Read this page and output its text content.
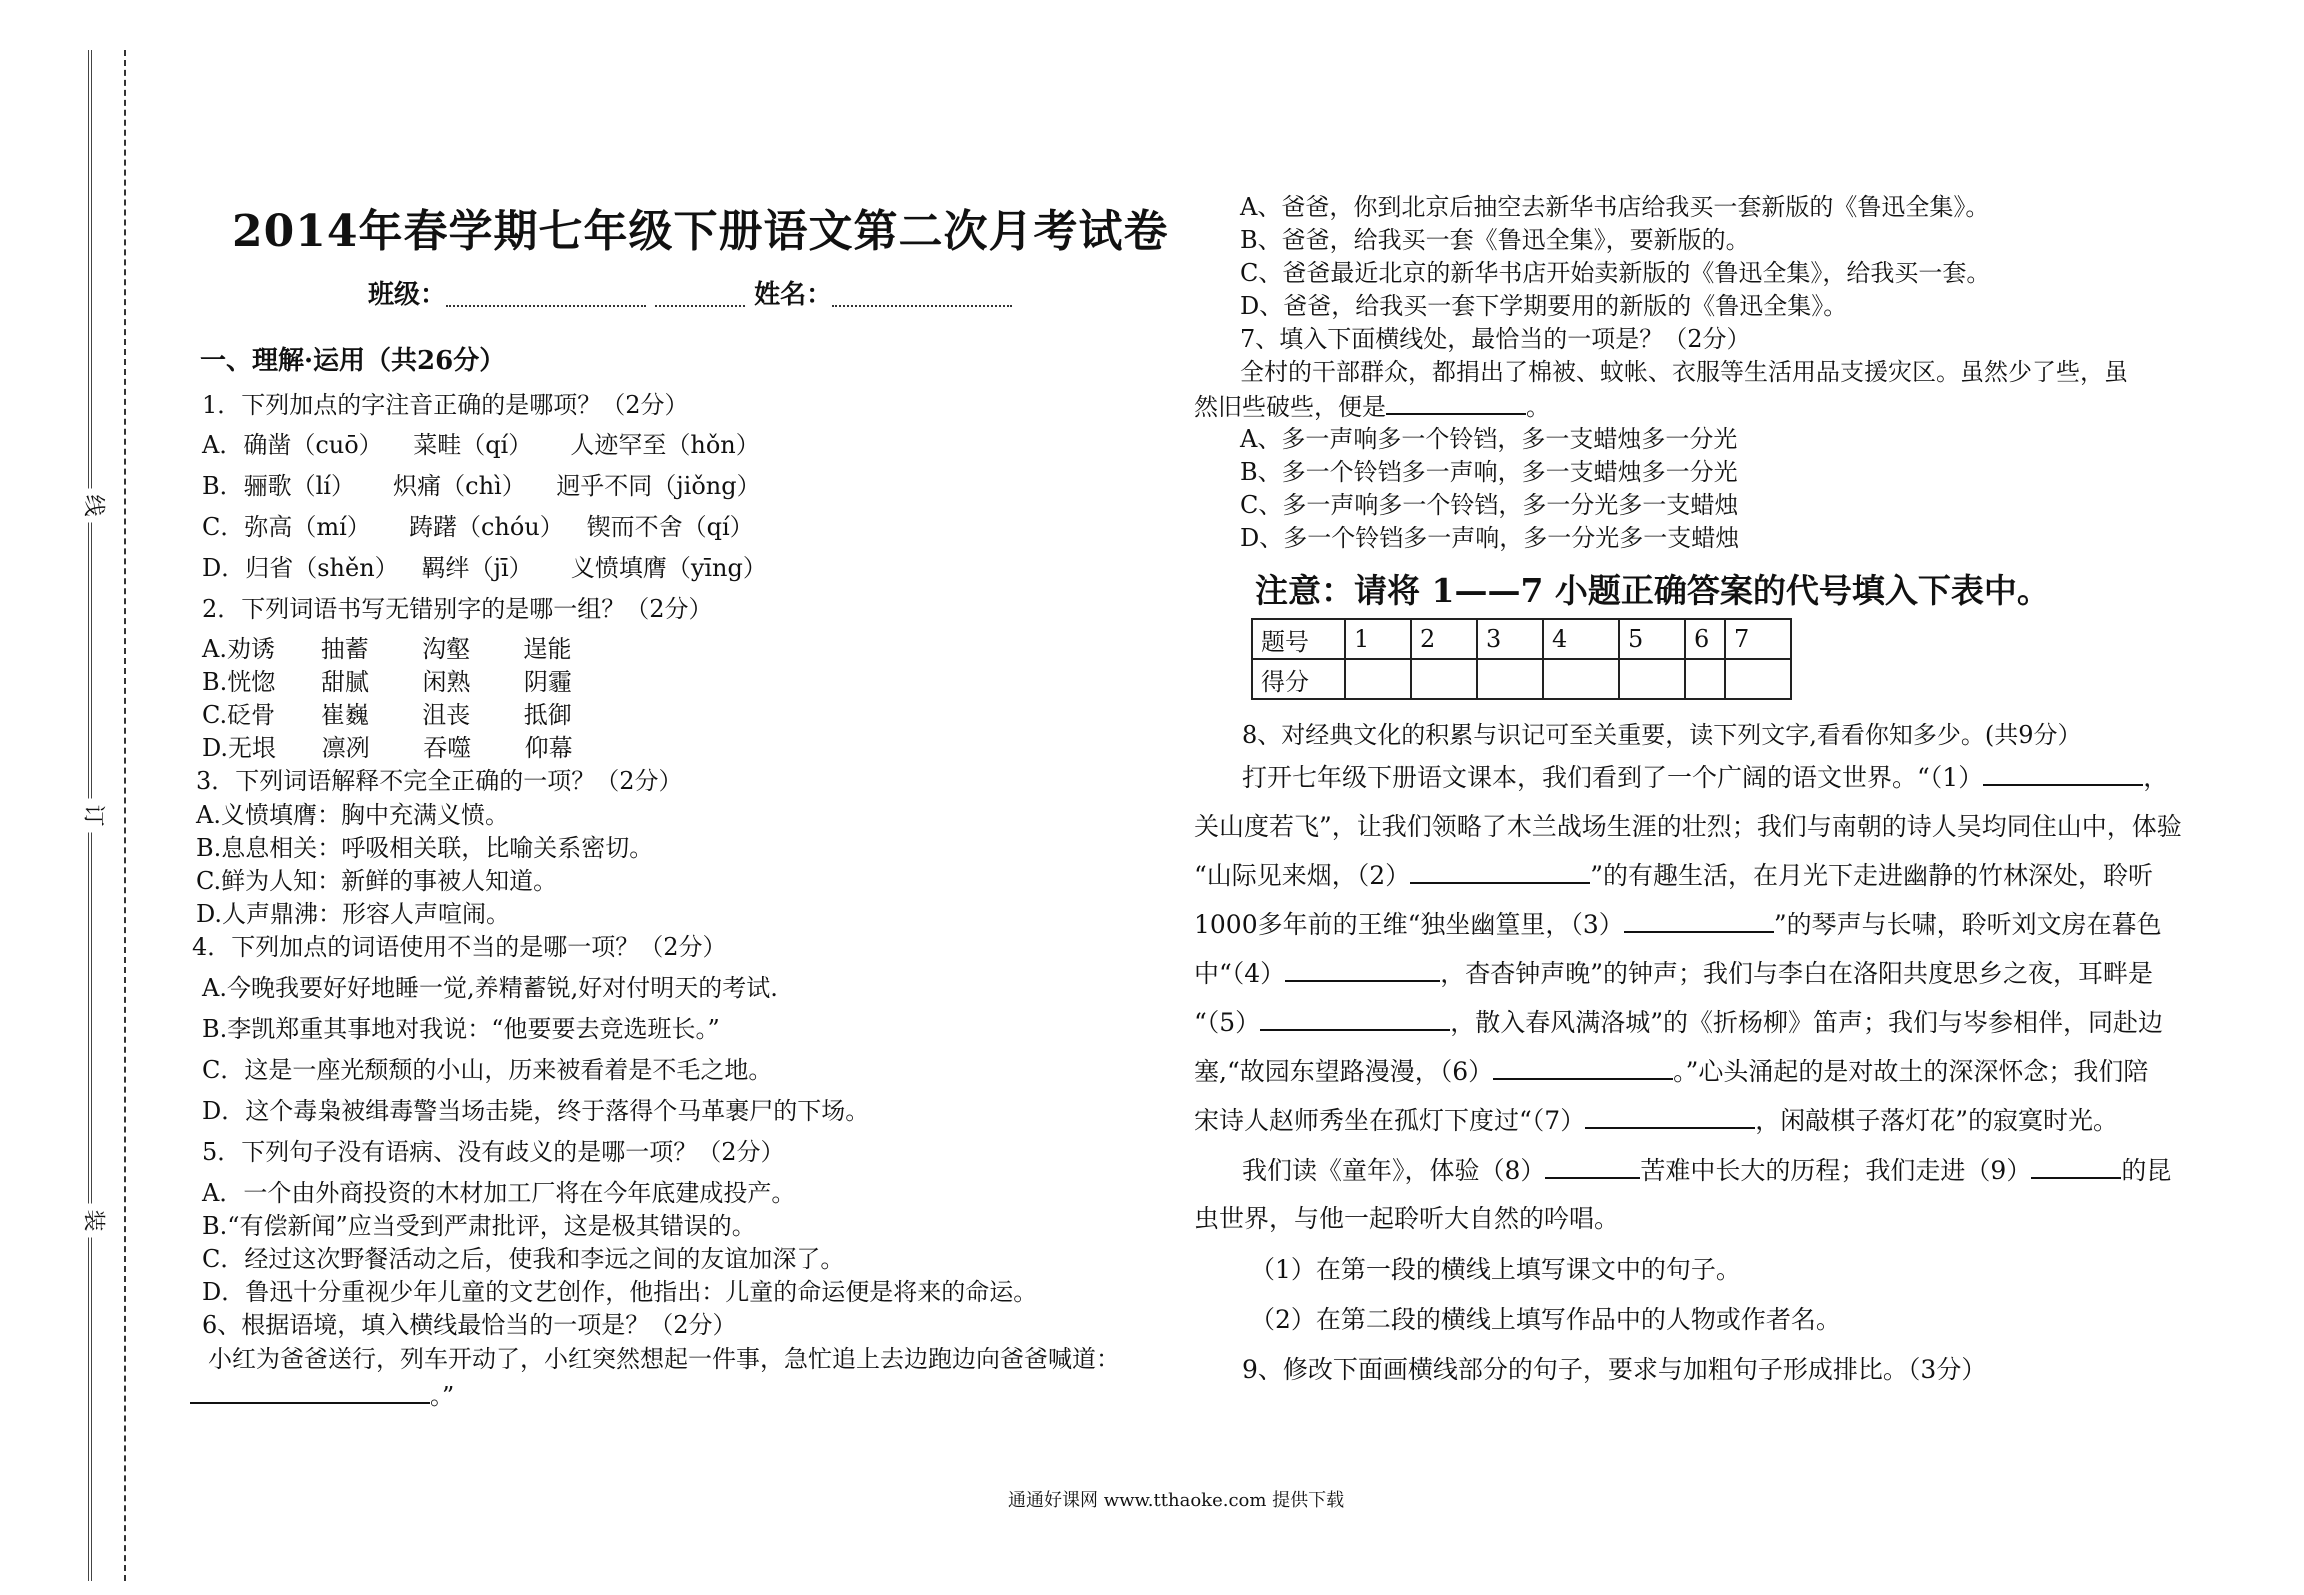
线
订
装
2014年春学期七年级下册语文第二次月考试卷
班级：	姓名：
一、理解·运用（共26分）
1．下列加点的字注音正确的是哪项？（2分）
A．确凿（cuō）    菜畦（qí）     人迹罕至（hǒn）
B．骊歌（lí）     炽痛（chì）    迥乎不同（jiǒng）
C．弥高（mí）     踌躇（chóu）   锲而不舍（qí）
D．归省（shěn）   羁绊（jī）     义愤填膺（yīng）
2．下列词语书写无错别字的是哪一组？（2分）
A.劝诱      抽蓄       沟壑       逞能
B.恍惚      甜腻       闲熟       阴霾
C.砭骨      崔巍       沮丧       抵御
D.无垠      凛冽       吞噬       仰幕
3．下列词语解释不完全正确的一项？（2分）
A.义愤填膺：胸中充满义愤。
B.息息相关：呼吸相关联，比喻关系密切。
C.鲜为人知：新鲜的事被人知道。
D.人声鼎沸：形容人声喧闹。
4．下列加点的词语使用不当的是哪一项？（2分）
A.今晚我要好好地睡一觉,养精蓄锐,好对付明天的考试.
B.李凯郑重其事地对我说：“他要要去竞选班长。”
C．这是一座光颓颓的小山，历来被看着是不毛之地。
D．这个毒枭被缉毒警当场击毙，终于落得个马革裹尸的下场。
5．下列句子没有语病、没有歧义的是哪一项？（2分）
A．一个由外商投资的木材加工厂将在今年底建成投产。
B.“有偿新闻”应当受到严肃批评，这是极其错误的。
C．经过这次野餐活动之后，使我和李远之间的友谊加深了。
D．鲁迅十分重视少年儿童的文艺创作，他指出：儿童的命运便是将来的命运。
6、根据语境，填入横线最恰当的一项是？（2分）
小红为爸爸送行，列车开动了，小红突然想起一件事，急忙追上去边跑边向爸爸喊道：
。”
A、爸爸，你到北京后抽空去新华书店给我买一套新版的《鲁迅全集》。
B、爸爸，给我买一套《鲁迅全集》，要新版的。
C、爸爸最近北京的新华书店开始卖新版的《鲁迅全集》，给我买一套。
D、爸爸，给我买一套下学期要用的新版的《鲁迅全集》。
7、填入下面横线处，最恰当的一项是？（2分）
全村的干部群众，都捐出了棉被、蚊帐、衣服等生活用品支援灾区。虽然少了些，虽
然旧些破些，便是	。
A、多一声响多一个铃铛，多一支蜡烛多一分光
B、多一个铃铛多一声响，多一支蜡烛多一分光
C、多一声响多一个铃铛，多一分光多一支蜡烛
D、多一个铃铛多一声响，多一分光多一支蜡烛
注意：请将 1——7 小题正确答案的代号填入下表中。
题号	1	2	3	4	5	6	7
得分							
8、对经典文化的积累与识记可至关重要，读下列文字,看看你知多少。(共9分）
打开七年级下册语文课本，我们看到了一个广阔的语文世界。“（1）	，
关山度若飞”，让我们领略了木兰战场生涯的壮烈；我们与南朝的诗人吴均同住山中，体验
“山际见来烟，（2）	”的有趣生活，在月光下走进幽静的竹林深处，聆听
1000多年前的王维“独坐幽篁里，（3）	”的琴声与长啸，聆听刘文房在暮色
中“（4）	，杳杳钟声晚”的钟声；我们与李白在洛阳共度思乡之夜，耳畔是
“（5）	，散入春风满洛城”的《折杨柳》笛声；我们与岑参相伴，同赴边
塞,“故园东望路漫漫，（6）	。”心头涌起的是对故土的深深怀念；我们陪
宋诗人赵师秀坐在孤灯下度过“（7）	，闲敲棋子落灯花”的寂寞时光。
我们读《童年》，体验（8）	苦难中长大的历程；我们走进（9）	的昆
虫世界，与他一起聆听大自然的吟唱。
（1）在第一段的横线上填写课文中的句子。
（2）在第二段的横线上填写作品中的人物或作者名。
9、修改下面画横线部分的句子，要求与加粗句子形成排比。（3分）
通通好课网 www.tthaoke.com 提供下载
